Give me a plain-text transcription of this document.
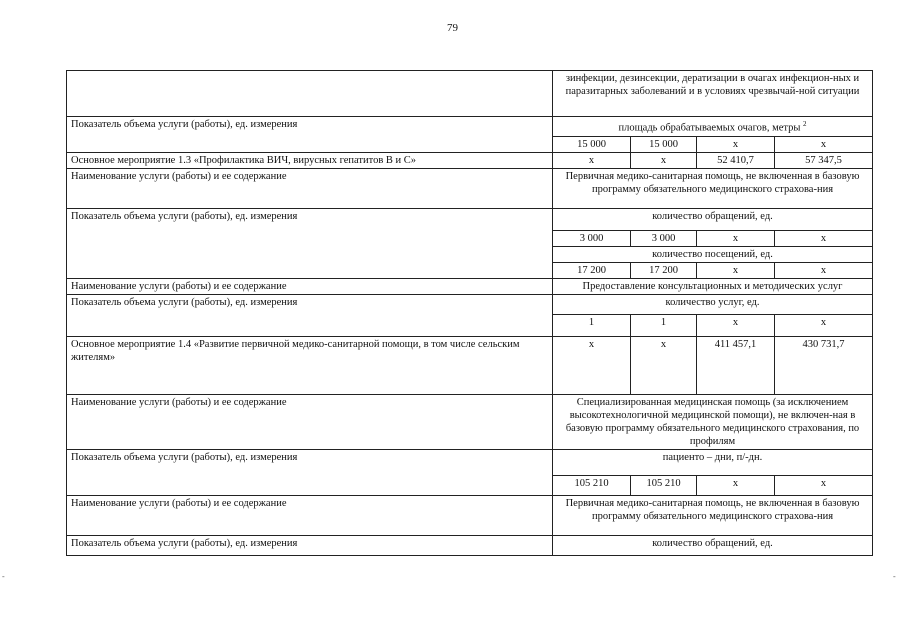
79
	зинфекции, дезинсекции, дератизации в очагах инфекцион-ных и паразитарных заболеваний и в условиях чрезвычай-ной ситуации			
Показатель объема услуги (работы), ед. измерения	площадь обрабатываемых очагов, метры $^2$
	15 000	15 000	х	х
Основное мероприятие 1.3 «Профилактика ВИЧ, вирусных гепатитов В и С»	х	х	52 410,7	57 347,5
Наименование услуги (работы) и ее содержание	Первичная медико-санитарная помощь, не включенная в базовую программу обязательного медицинского страхова-ния			
Показатель объема услуги (работы), ед. измерения	количество обращений, ед.			
	3 000	3 000	х	х
	количество посещений, ед.			
	17 200	17 200	х	х
Наименование услуги (работы) и ее содержание	Предоставление консультационных и методических услуг			
Показатель объема услуги (работы), ед. измерения	количество услуг, ед.			
	1	1	х	х
Основное мероприятие 1.4 «Развитие первичной медико-санитарной помощи, в том числе сельским жителям»	х	х	411 457,1	430 731,7
Наименование услуги (работы) и ее содержание	Специализированная медицинская помощь (за исключением высокотехнологичной медицинской помощи), не включен-ная в базовую программу обязательного медицинского страхования, по профилям			
Показатель объема услуги (работы), ед. измерения	пациенто – дни, п/-дн.			
	105 210	105 210	х	х
Наименование услуги (работы) и ее содержание	Первичная медико-санитарная помощь, не включенная в базовую программу обязательного медицинского страхова-ния			
Показатель объема услуги (работы), ед. измерения	количество обращений, ед.			
-	-
